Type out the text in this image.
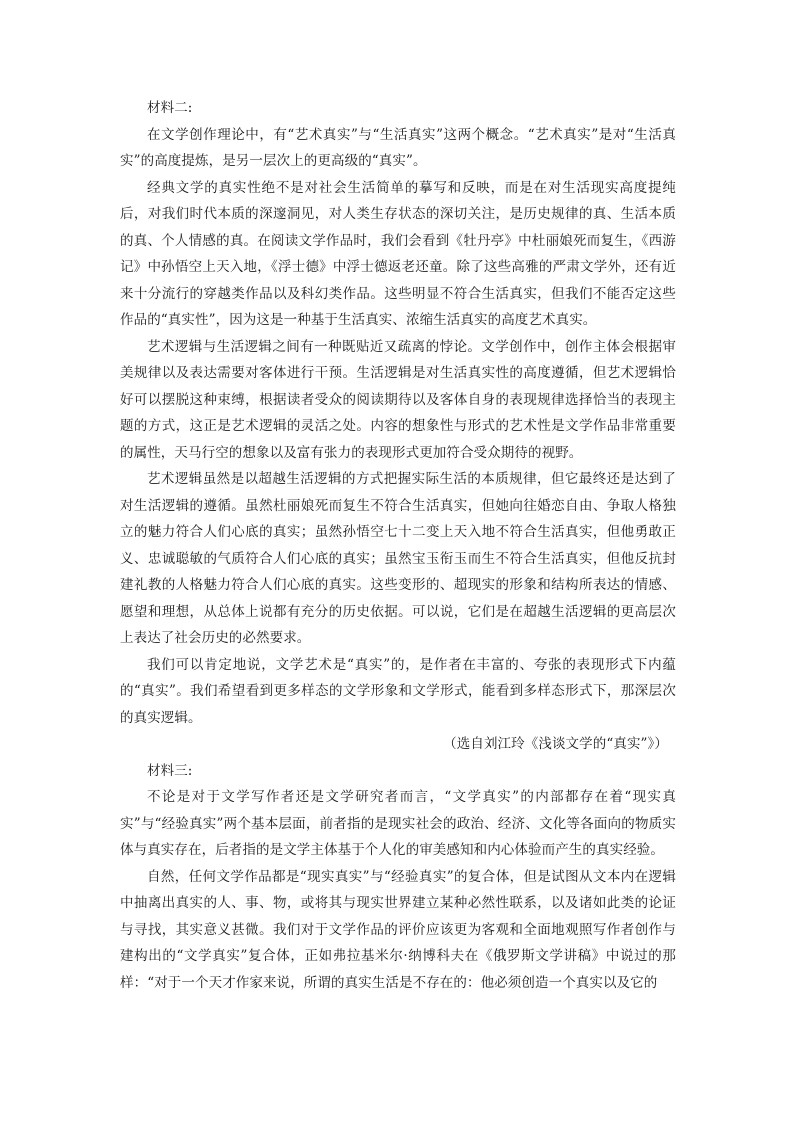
材料二:

在文学创作理论中，有“艺术真实”与“生活真实”这两个概念。“艺术真实”是对“生活真实”的高度提炼，是另一层次上的更高级的“真实”。

经典文学的真实性绝不是对社会生活简单的摹写和反映，而是在对生活现实高度提纯后，对我们时代本质的深邃洞见，对人类生存状态的深切关注，是历史规律的真、生活本质的真、个人情感的真。在阅读文学作品时，我们会看到《牡丹亭》中杜丽娘死而复生，《西游记》中孙悟空上天入地，《浮士德》中浮士德返老还童。除了这些高雅的严肃文学外，还有近来十分流行的穿越类作品以及科幻类作品。这些明显不符合生活真实，但我们不能否定这些作品的“真实性”，因为这是一种基于生活真实、浓缩生活真实的高度艺术真实。

艺术逻辑与生活逻辑之间有一种既贴近又疏离的悖论。文学创作中，创作主体会根据审美规律以及表达需要对客体进行干预。生活逻辑是对生活真实性的高度遵循，但艺术逻辑恰好可以摆脱这种束缚，根据读者受众的阅读期待以及客体自身的表现规律选择恰当的表现主题的方式，这正是艺术逻辑的灵活之处。内容的想象性与形式的艺术性是文学作品非常重要的属性，天马行空的想象以及富有张力的表现形式更加符合受众期待的视野。

艺术逻辑虽然是以超越生活逻辑的方式把握实际生活的本质规律，但它最终还是达到了对生活逻辑的遵循。虽然杜丽娘死而复生不符合生活真实，但她向往婚恋自由、争取人格独立的魅力符合人们心底的真实；虽然孙悟空七十二变上天入地不符合生活真实，但他勇敢正义、忠诚聪敏的气质符合人们心底的真实；虽然宝玉衔玉而生不符合生活真实，但他反抗封建礼教的人格魅力符合人们心底的真实。这些变形的、超现实的形象和结构所表达的情感、愿望和理想，从总体上说都有充分的历史依据。可以说，它们是在超越生活逻辑的更高层次上表达了社会历史的必然要求。

我们可以肯定地说，文学艺术是“真实”的，是作者在丰富的、夸张的表现形式下内蕴的“真实”。我们希望看到更多样态的文学形象和文学形式，能看到多样态形式下，那深层次的真实逻辑。

（选自刘江玲《浅谈文学的“真实”》）

材料三:

不论是对于文学写作者还是文学研究者而言，“文学真实”的内部都存在着“现实真实”与“经验真实”两个基本层面，前者指的是现实社会的政治、经济、文化等各面向的物质实体与真实存在，后者指的是文学主体基于个人化的审美感知和内心体验而产生的真实经验。

自然，任何文学作品都是“现实真实”与“经验真实”的复合体，但是试图从文本内在逻辑中抽离出真实的人、事、物，或将其与现实世界建立某种必然性联系，以及诸如此类的论证与寻找，其实意义甚微。我们对于文学作品的评价应该更为客观和全面地观照写作者创作与建构出的“文学真实”复合体，正如弗拉基米尔·纳博科夫在《俄罗斯文学讲稿》中说过的那样：“对于一个天才作家来说，所谓的真实生活是不存在的：他必须创造一个真实以及它的
